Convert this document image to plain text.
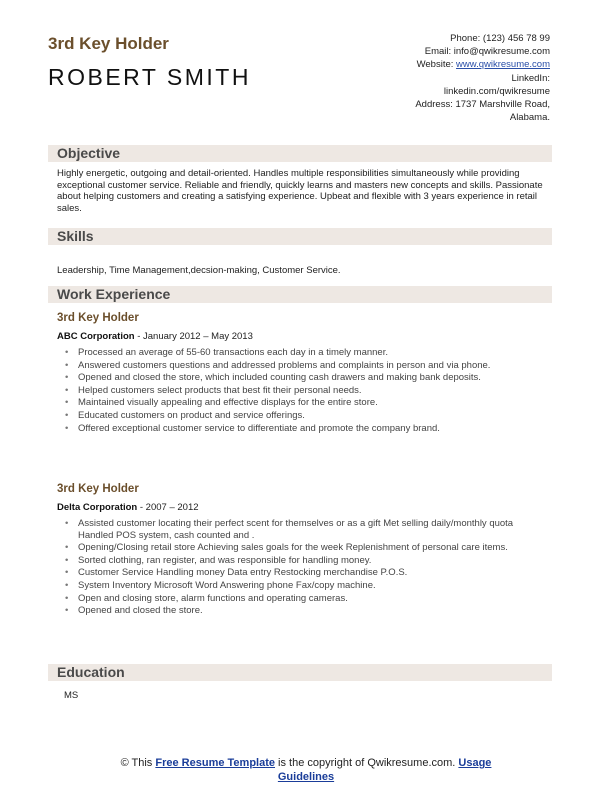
3rd Key Holder
ROBERT SMITH
Phone: (123) 456 78 99
Email: info@qwikresume.com
Website: www.qwikresume.com
LinkedIn:
linkedin.com/qwikresume
Address: 1737 Marshville Road,
Alabama.
Objective
Highly energetic, outgoing and detail-oriented. Handles multiple responsibilities simultaneously while providing exceptional customer service. Reliable and friendly, quickly learns and masters new concepts and skills. Passionate about helping customers and creating a satisfying experience. Upbeat and flexible with 3 years experience in retail sales.
Skills
Leadership, Time Management,decsion-making, Customer Service.
Work Experience
3rd Key Holder
ABC Corporation - January 2012 – May 2013
• Processed an average of 55-60 transactions each day in a timely manner.
• Answered customers questions and addressed problems and complaints in person and via phone.
• Opened and closed the store, which included counting cash drawers and making bank deposits.
• Helped customers select products that best fit their personal needs.
• Maintained visually appealing and effective displays for the entire store.
• Educated customers on product and service offerings.
• Offered exceptional customer service to differentiate and promote the company brand.
3rd Key Holder
Delta Corporation - 2007 – 2012
• Assisted customer locating their perfect scent for themselves or as a gift Met selling daily/monthly quota Handled POS system, cash counted and .
• Opening/Closing retail store Achieving sales goals for the week Replenishment of personal care items.
• Sorted clothing, ran register, and was responsible for handling money.
• Customer Service Handling money Data entry Restocking merchandise P.O.S.
• System Inventory Microsoft Word Answering phone Fax/copy machine.
• Open and closing store, alarm functions and operating cameras.
• Opened and closed the store.
Education
MS
© This Free Resume Template is the copyright of Qwikresume.com. Usage
Guidelines
